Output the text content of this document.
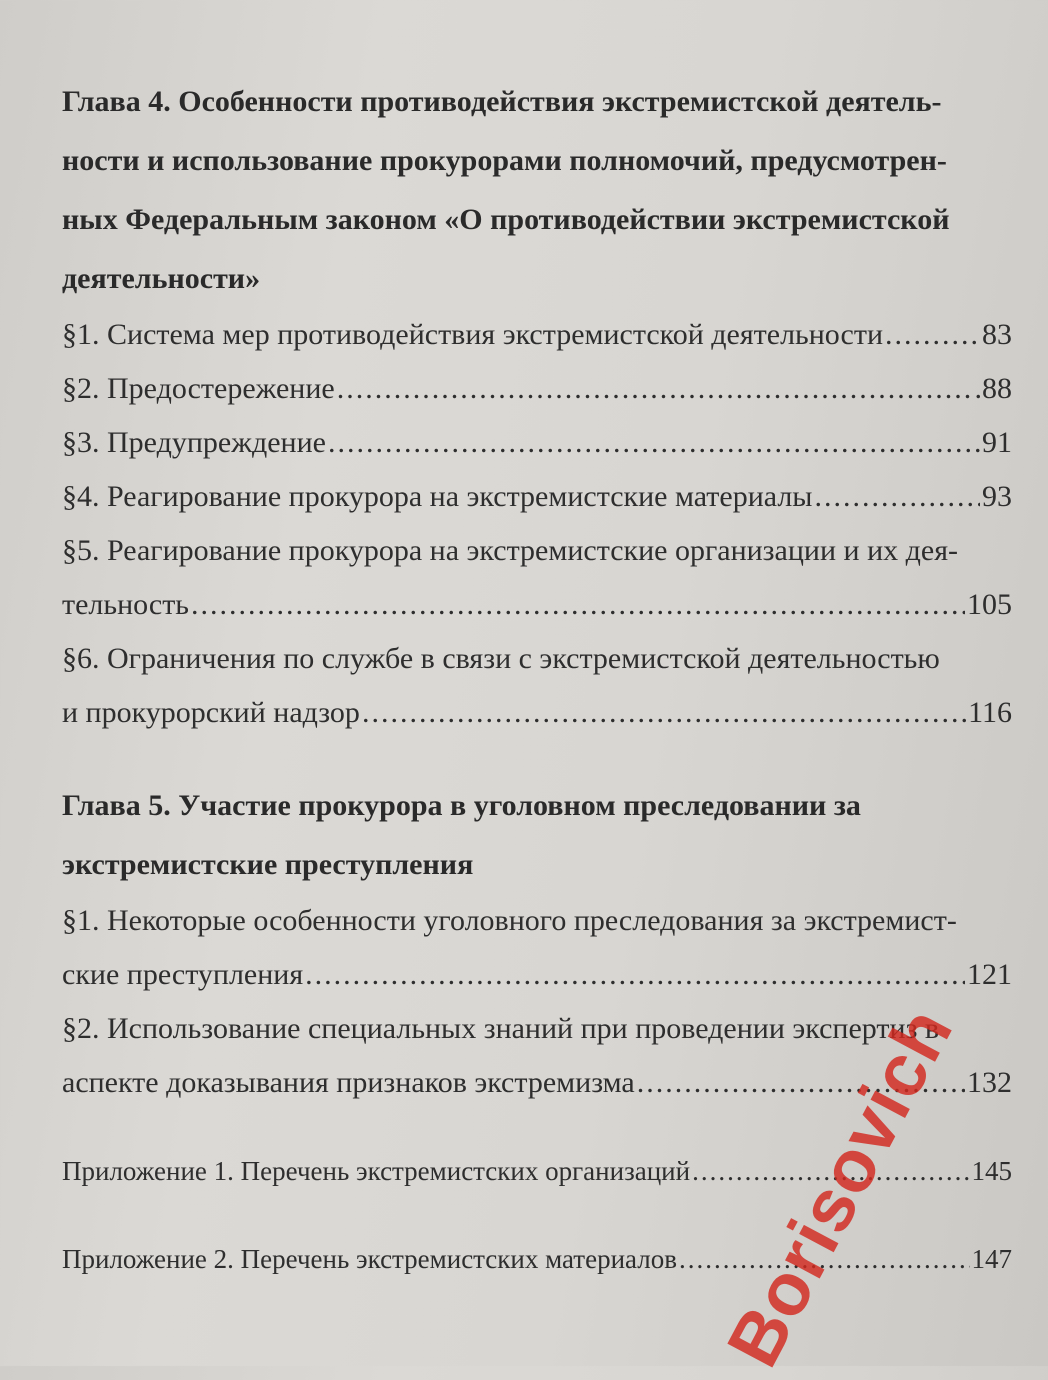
Глава 4. Особенности противодействия экстремистской деятель-
ности и использование прокурорами полномочий, предусмотрен-
ных Федеральным законом «О противодействии экстремистской
деятельности»
§1. Система мер противодействия экстремистской деятельности .....	83
§2. Предостережение .....	.88
§3. Предупреждение .....	91
§4. Реагирование прокурора на экстремистские материалы .....	93
§5. Реагирование прокурора на экстремистские организации и их дея-
тельность .....	105
§6. Ограничения по службе в связи с экстремистской деятельностью
и прокурорский надзор .....	116
Глава 5. Участие прокурора в уголовном преследовании за
экстремистские преступления
§1. Некоторые особенности уголовного преследования за экстремист-
ские преступления .....	121
§2. Использование специальных знаний при проведении экспертиз в
аспекте доказывания признаков экстремизма .....	132
Приложение 1. Перечень экстремистских организаций .....	145
Приложение 2. Перечень экстремистских материалов .....	147
Borisovich
